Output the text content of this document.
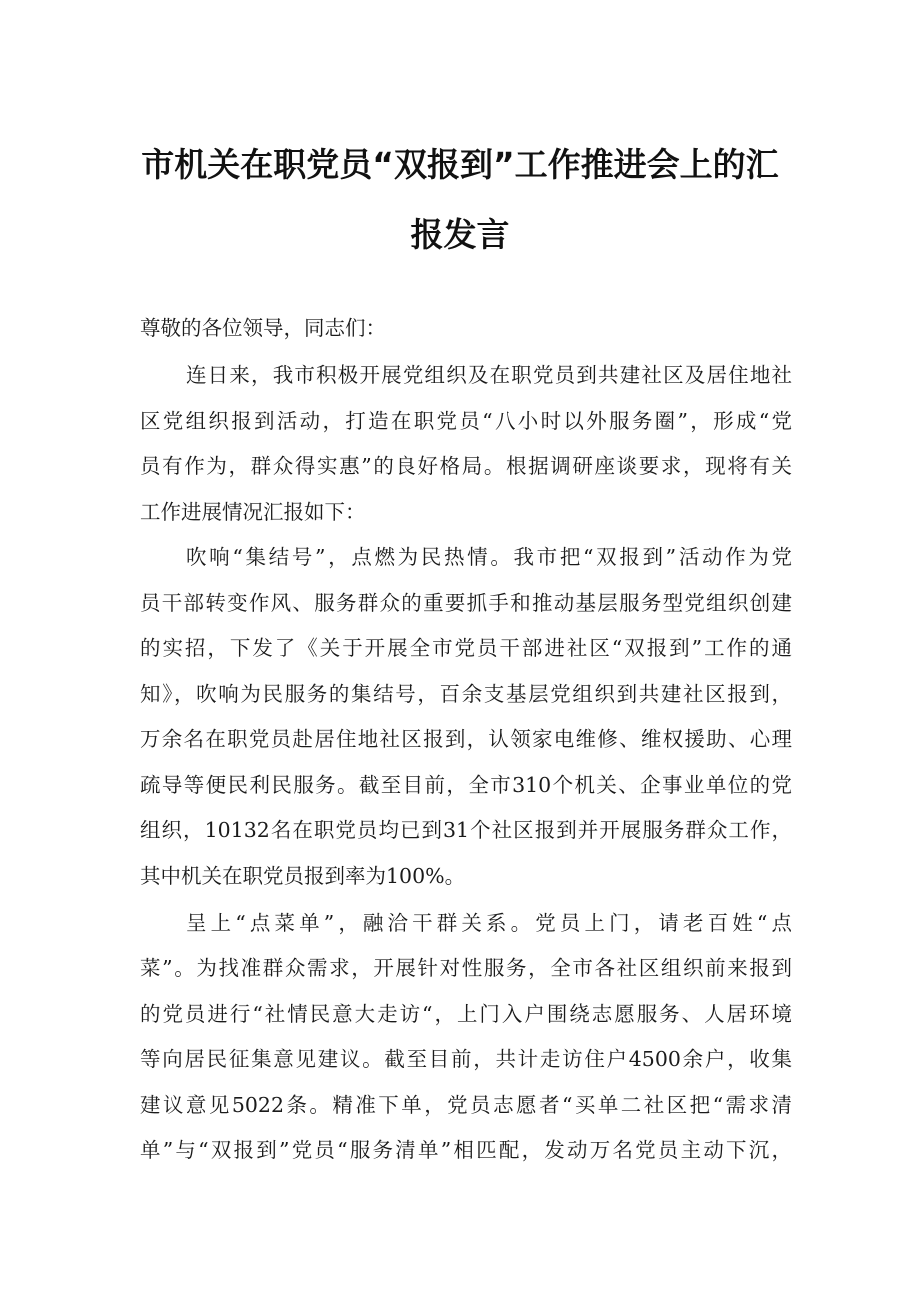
市机关在职党员“双报到”工作推进会上的汇
报发言
尊敬的各位领导，同志们：
连日来，我市积极开展党组织及在职党员到共建社区及居住地社
区党组织报到活动，打造在职党员“八小时以外服务圈”，形成“党
员有作为，群众得实惠”的良好格局。根据调研座谈要求，现将有关
工作进展情况汇报如下：
吹响“集结号”，点燃为民热情。我市把“双报到”活动作为党
员干部转变作风、服务群众的重要抓手和推动基层服务型党组织创建
的实招，下发了《关于开展全市党员干部进社区“双报到”工作的通
知》，吹响为民服务的集结号，百余支基层党组织到共建社区报到，
万余名在职党员赴居住地社区报到，认领家电维修、维权援助、心理
疏导等便民利民服务。截至目前，全市310个机关、企事业单位的党
组织，10132名在职党员均已到31个社区报到并开展服务群众工作，
其中机关在职党员报到率为100%。
呈上“点菜单”，融洽干群关系。党员上门，请老百姓“点
菜”。为找准群众需求，开展针对性服务，全市各社区组织前来报到
的党员进行“社情民意大走访“，上门入户围绕志愿服务、人居环境
等向居民征集意见建议。截至目前，共计走访住户4500余户，收集
建议意见5022条。精准下单，党员志愿者“买单二社区把“需求清
单”与“双报到”党员“服务清单”相匹配，发动万名党员主动下沉，
